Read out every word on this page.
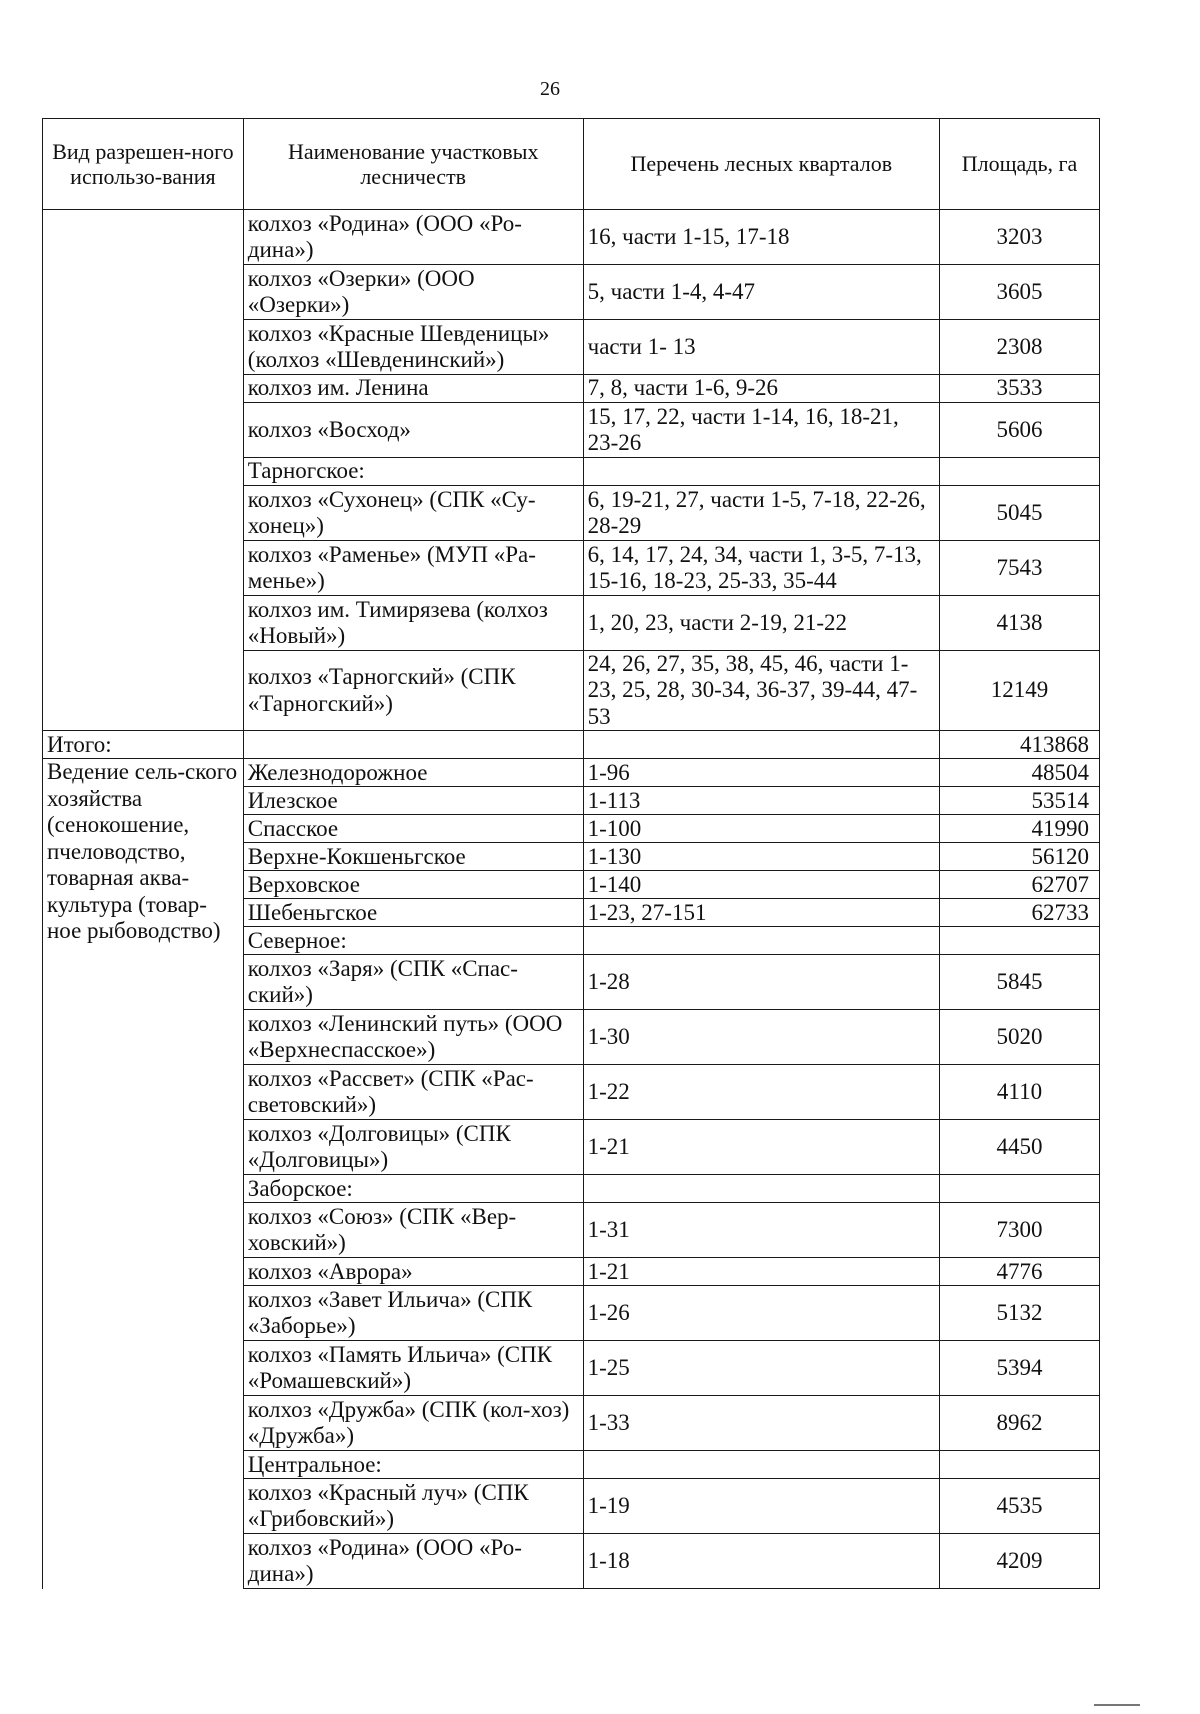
26
Вид разрешен-ного использо-вания	Наименование участковых лесничеств	Перечень лесных кварталов	Площадь, га
	колхоз «Родина» (ООО «Ро-дина»)	16, части 1-15, 17-18	3203
	колхоз «Озерки» (ООО «Озерки»)	5, части 1-4, 4-47	3605
	колхоз «Красные Шевденицы» (колхоз «Шевденинский»)	части 1- 13	2308
	колхоз им. Ленина	7, 8, части 1-6, 9-26	3533
	колхоз «Восход»	15, 17, 22, части 1-14, 16, 18-21, 23-26	5606
	Тарногское:		
	колхоз «Сухонец» (СПК «Су-хонец»)	6, 19-21, 27, части 1-5, 7-18, 22-26, 28-29	5045
	колхоз «Раменье» (МУП «Ра-менье»)	6, 14, 17, 24, 34, части 1, 3-5, 7-13, 15-16, 18-23, 25-33, 35-44	7543
	колхоз им. Тимирязева (колхоз «Новый»)	1, 20, 23, части 2-19, 21-22	4138
	колхоз «Тарногский» (СПК «Тарногский»)	24, 26, 27, 35, 38, 45, 46, части 1-23, 25, 28, 30-34, 36-37, 39-44, 47-53	12149
Итого:			413868
Ведение сель-ского хозяйства (сенокошение, пчеловодство, товарная аква-культура (товар-ное рыбоводство)	Железнодорожное	1-96	48504
	Илезское	1-113	53514
	Спасское	1-100	41990
	Верхне-Кокшеньгское	1-130	56120
	Верховское	1-140	62707
	Шебеньгское	1-23, 27-151	62733
	Северное:		
	колхоз «Заря» (СПК «Спас-ский»)	1-28	5845
	колхоз «Ленинский путь» (ООО «Верхнеспасское»)	1-30	5020
	колхоз «Рассвет» (СПК «Рас-световский»)	1-22	4110
	колхоз «Долговицы» (СПК «Долговицы»)	1-21	4450
	Заборское:		
	колхоз «Союз» (СПК «Вер-ховский»)	1-31	7300
	колхоз «Аврора»	1-21	4776
	колхоз «Завет Ильича» (СПК «Заборье»)	1-26	5132
	колхоз «Память Ильича» (СПК «Ромашевский»)	1-25	5394
	колхоз «Дружба» (СПК (кол-хоз) «Дружба»)	1-33	8962
	Центральное:		
	колхоз «Красный луч» (СПК «Грибовский»)	1-19	4535
	колхоз «Родина» (ООО «Ро-дина»)	1-18	4209
